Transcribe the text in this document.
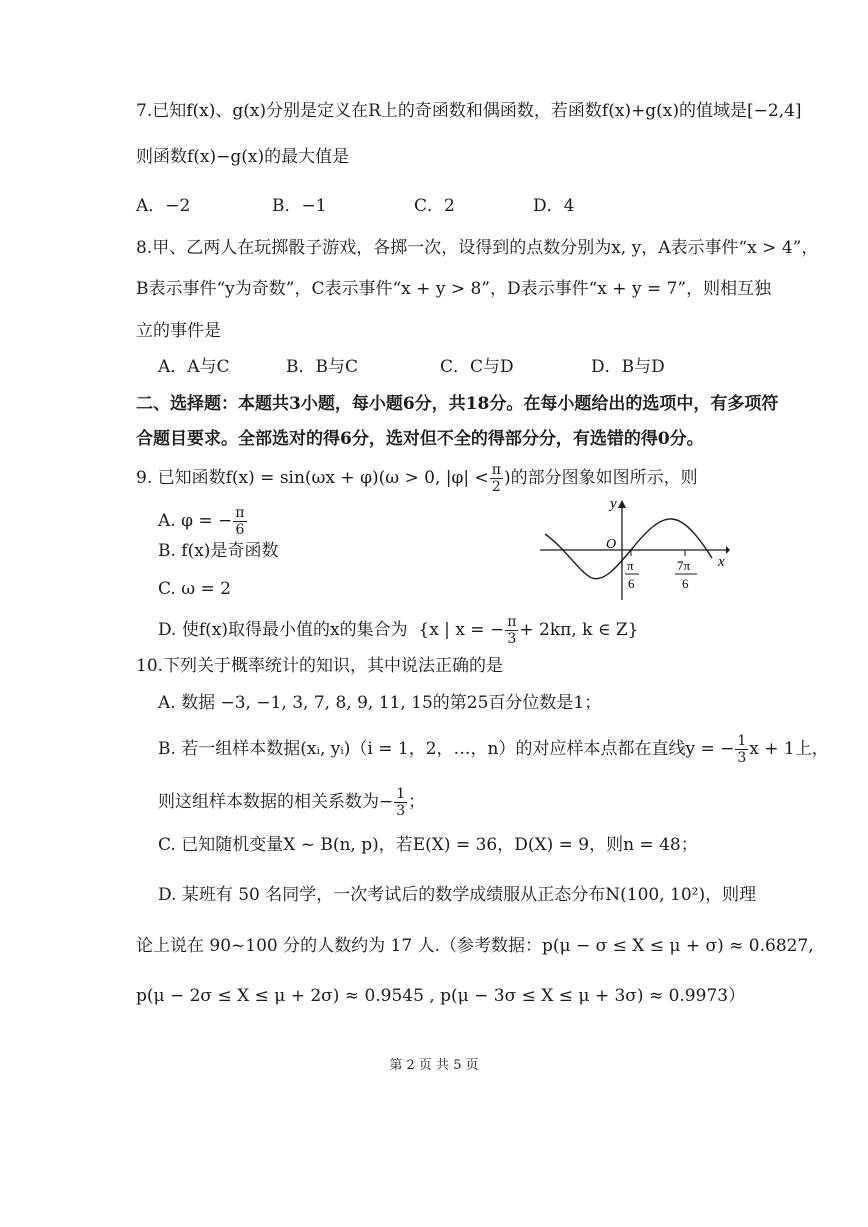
7.已知f(x)、g(x)分别是定义在R上的奇函数和偶函数，若函数f(x)+g(x)的值域是[−2,4]
则函数f(x)−g(x)的最大值是
A．−2	B．−1	C．2	D．4
8.甲、乙两人在玩掷骰子游戏，各掷一次，设得到的点数分别为x, y，A表示事件“x > 4”，
B表示事件“y为奇数”，C表示事件“x + y > 8”，D表示事件“x + y = 7”，则相互独
立的事件是
A．A与C	B．B与C	C．C与D	D．B与D
二、选择题：本题共3小题，每小题6分，共18分。在每小题给出的选项中，有多项符
合题目要求。全部选对的得6分，选对但不全的得部分分，有选错的得0分。
9. 已知函数f(x) = sin(ωx + φ)(ω > 0, $|\varphi| < \frac{\pi}{2}$ )的部分图象如图所示，则
A. φ = − $\frac{\pi}{6}$
B. f(x)是奇函数
C. ω = 2
D. 使f(x)取得最小值的x的集合为 {x | x = − $\frac{\pi}{3} + 2k\pi$, k ∈ Z}
y
x
O
π
6
7π
6
10.下列关于概率统计的知识，其中说法正确的是
A. 数据 −3, −1, 3, 7, 8, 9, 11, 15的第25百分位数是1；
B. 若一组样本数据(xᵢ, yᵢ)（i = 1，2，…，n）的对应样本点都在直线y = − $\frac{1}{3}$ x + 1上，
则这组样本数据的相关系数为− $\frac{1}{3}$ ；
C. 已知随机变量X ~ B(n, p)，若E(X) = 36，D(X) = 9，则n = 48；
D. 某班有 50 名同学，一次考试后的数学成绩服从正态分布N(100, 10²)，则理
论上说在 90~100 分的人数约为 17 人.（参考数据：p(μ − σ ≤ X ≤ μ + σ) ≈ 0.6827,
p(μ − 2σ ≤ X ≤ μ + 2σ) ≈ 0.9545 , p(μ − 3σ ≤ X ≤ μ + 3σ) ≈ 0.9973）
第 2 页 共 5 页
